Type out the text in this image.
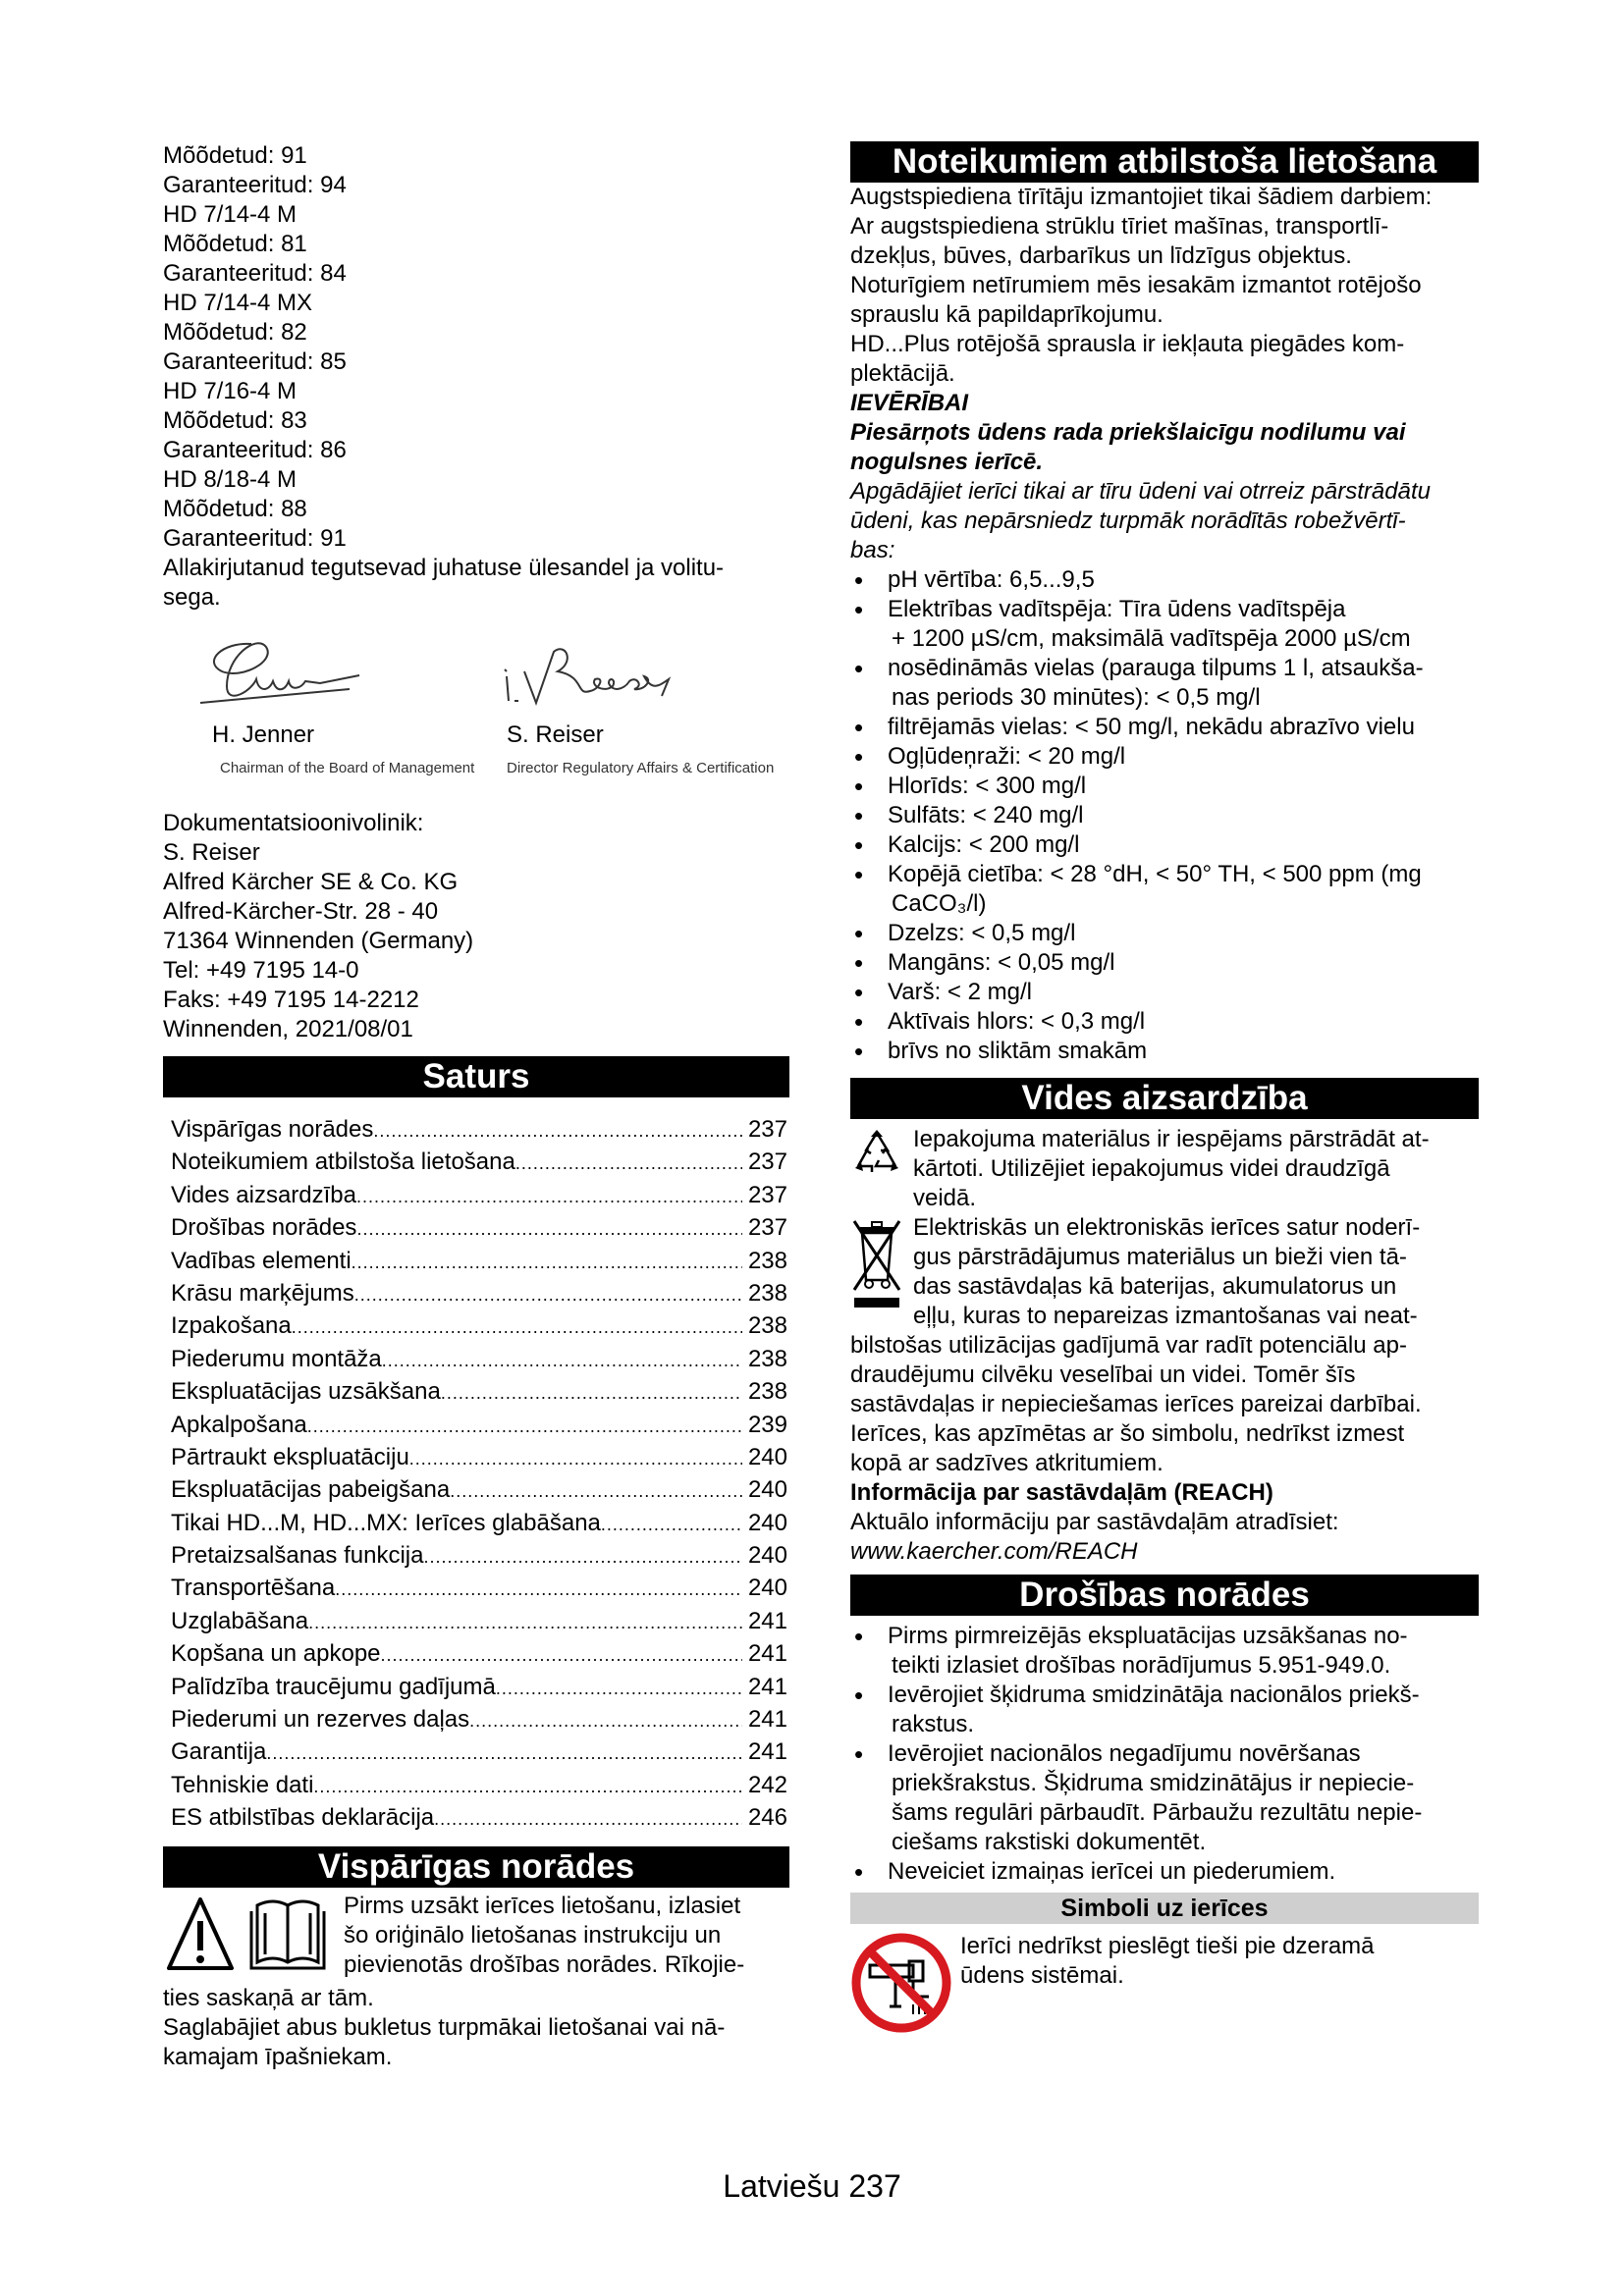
Mõõdetud: 91
Garanteeritud: 94
HD 7/14-4 M
Mõõdetud: 81
Garanteeritud: 84
HD 7/14-4 MX
Mõõdetud: 82
Garanteeritud: 85
HD 7/16-4 M
Mõõdetud: 83
Garanteeritud: 86
HD 8/18-4 M
Mõõdetud: 88
Garanteeritud: 91
Allakirjutanud tegutsevad juhatuse ülesandel ja volitu-
sega.
H. Jenner
Chairman of the Board of Management
S. Reiser
Director Regulatory Affairs & Certification
Dokumentatsioonivolinik:
S. Reiser
Alfred Kärcher SE & Co. KG
Alfred-Kärcher-Str. 28 - 40
71364 Winnenden (Germany)
Tel: +49 7195 14-0
Faks: +49 7195 14-2212
Winnenden, 2021/08/01
Saturs
Vispārīgas norādes .....	237
Noteikumiem atbilstoša lietošana .....	237
Vides aizsardzība .....	237
Drošības norādes .....	237
Vadības elementi .....	238
Krāsu marķējums .....	238
Izpakošana .....	238
Piederumu montāža .....	238
Ekspluatācijas uzsākšana .....	238
Apkalpošana .....	239
Pārtraukt ekspluatāciju .....	240
Ekspluatācijas pabeigšana .....	240
Tikai HD...M, HD...MX: Ierīces glabāšana .....	240
Pretaizsalšanas funkcija .....	240
Transportēšana .....	240
Uzglabāšana .....	241
Kopšana un apkope .....	241
Palīdzība traucējumu gadījumā .....	241
Piederumi un rezerves daļas .....	241
Garantija .....	241
Tehniskie dati .....	242
ES atbilstības deklarācija .....	246
Vispārīgas norādes
Pirms uzsākt ierīces lietošanu, izlasiet
šo oriģinālo lietošanas instrukciju un
pievienotās drošības norādes. Rīkojie-
ties saskaņā ar tām.
Saglabājiet abus bukletus turpmākai lietošanai vai nā-
kamajam īpašniekam.
Noteikumiem atbilstoša lietošana
Augstspiediena tīrītāju izmantojiet tikai šādiem darbiem:
Ar augstspiediena strūklu tīriet mašīnas, transportlī-
dzekļus, būves, darbarīkus un līdzīgus objektus.
Noturīgiem netīrumiem mēs iesakām izmantot rotējošo
sprauslu kā papildaprīkojumu.
HD...Plus rotējošā sprausla ir iekļauta piegādes kom-
plektācijā.
IEVĒRĪBAI
Piesārņots ūdens rada priekšlaicīgu nodilumu vai
nogulsnes ierīcē.
Apgādājiet ierīci tikai ar tīru ūdeni vai otrreiz pārstrādātu
ūdeni, kas nepārsniedz turpmāk norādītās robežvērtī-
bas:
• pH vērtība: 6,5...9,5
• Elektrības vadītspēja: Tīra ūdens vadītspēja
+ 1200 µS/cm, maksimālā vadītspēja 2000 µS/cm
• nosēdināmās vielas (parauga tilpums 1 l, atsaukša-
nas periods 30 minūtes): < 0,5 mg/l
• filtrējamās vielas: < 50 mg/l, nekādu abrazīvo vielu
• Ogļūdeņraži: < 20 mg/l
• Hlorīds: < 300 mg/l
• Sulfāts: < 240 mg/l
• Kalcijs: < 200 mg/l
• Kopējā cietība: < 28 °dH, < 50° TH, < 500 ppm (mg
CaCO₃/l)
• Dzelzs: < 0,5 mg/l
• Mangāns: < 0,05 mg/l
• Varš: < 2 mg/l
• Aktīvais hlors: < 0,3 mg/l
• brīvs no sliktām smakām
Vides aizsardzība
Iepakojuma materiālus ir iespējams pārstrādāt at-
kārtoti. Utilizējiet iepakojumus videi draudzīgā
veidā.
Elektriskās un elektroniskās ierīces satur noderī-
gus pārstrādājumus materiālus un bieži vien tā-
das sastāvdaļas kā baterijas, akumulatorus un
eļļu, kuras to nepareizas izmantošanas vai neat-
bilstošas utilizācijas gadījumā var radīt potenciālu ap-
draudējumu cilvēku veselībai un videi. Tomēr šīs
sastāvdaļas ir nepieciešamas ierīces pareizai darbībai.
Ierīces, kas apzīmētas ar šo simbolu, nedrīkst izmest
kopā ar sadzīves atkritumiem.
Informācija par sastāvdaļām (REACH)
Aktuālo informāciju par sastāvdaļām atradīsiet:
www.kaercher.com/REACH
Drošības norādes
• Pirms pirmreizējās ekspluatācijas uzsākšanas no-
teikti izlasiet drošības norādījumus 5.951-949.0.
• Ievērojiet šķidruma smidzinātāja nacionālos priekš-
rakstus.
• Ievērojiet nacionālos negadījumu novēršanas
priekšrakstus. Šķidruma smidzinātājus ir nepiecie-
šams regulāri pārbaudīt. Pārbaužu rezultātu nepie-
ciešams rakstiski dokumentēt.
• Neveiciet izmaiņas ierīcei un piederumiem.
Simboli uz ierīces
Ierīci nedrīkst pieslēgt tieši pie dzeramā
ūdens sistēmai.
Latviešu 237
